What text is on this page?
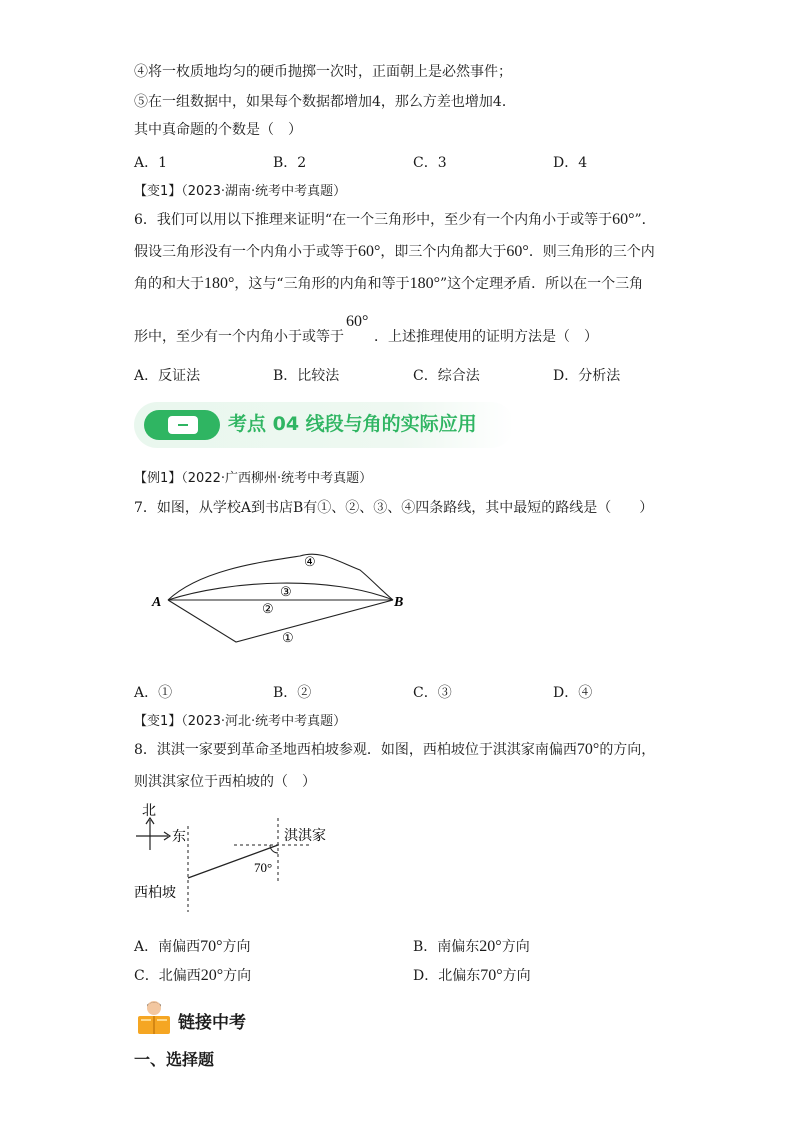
④将一枚质地均匀的硬币抛掷一次时，正面朝上是必然事件；
⑤在一组数据中，如果每个数据都增加4，那么方差也增加4．
其中真命题的个数是（　）
A．1	B．2	C．3	D．4
【变1】（2023·湖南·统考中考真题）
6．我们可以用以下推理来证明“在一个三角形中，至少有一个内角小于或等于60°”．
假设三角形没有一个内角小于或等于60°，即三个内角都大于60°．则三角形的三个内
角的和大于180°，这与“三角形的内角和等于180°”这个定理矛盾．所以在一个三角
60°
形中，至少有一个内角小于或等于 ．上述推理使用的证明方法是（　）
A．反证法	B．比较法	C．综合法	D．分析法
考点 04 线段与角的实际应用
【例1】（2022·广西柳州·统考中考真题）
7．如图，从学校A到书店B有①、②、③、④四条路线，其中最短的路线是（　　）
A	B
④
③
②
①
A．①	B．②	C．③	D．④
【变1】（2023·河北·统考中考真题）
8．淇淇一家要到革命圣地西柏坡参观．如图，西柏坡位于淇淇家南偏西70°的方向，
则淇淇家位于西柏坡的（　）
北
东	淇淇家
70°
西柏坡
A．南偏西70°方向	B．南偏东20°方向
C．北偏西20°方向	D．北偏东70°方向
链接中考
一、选择题
